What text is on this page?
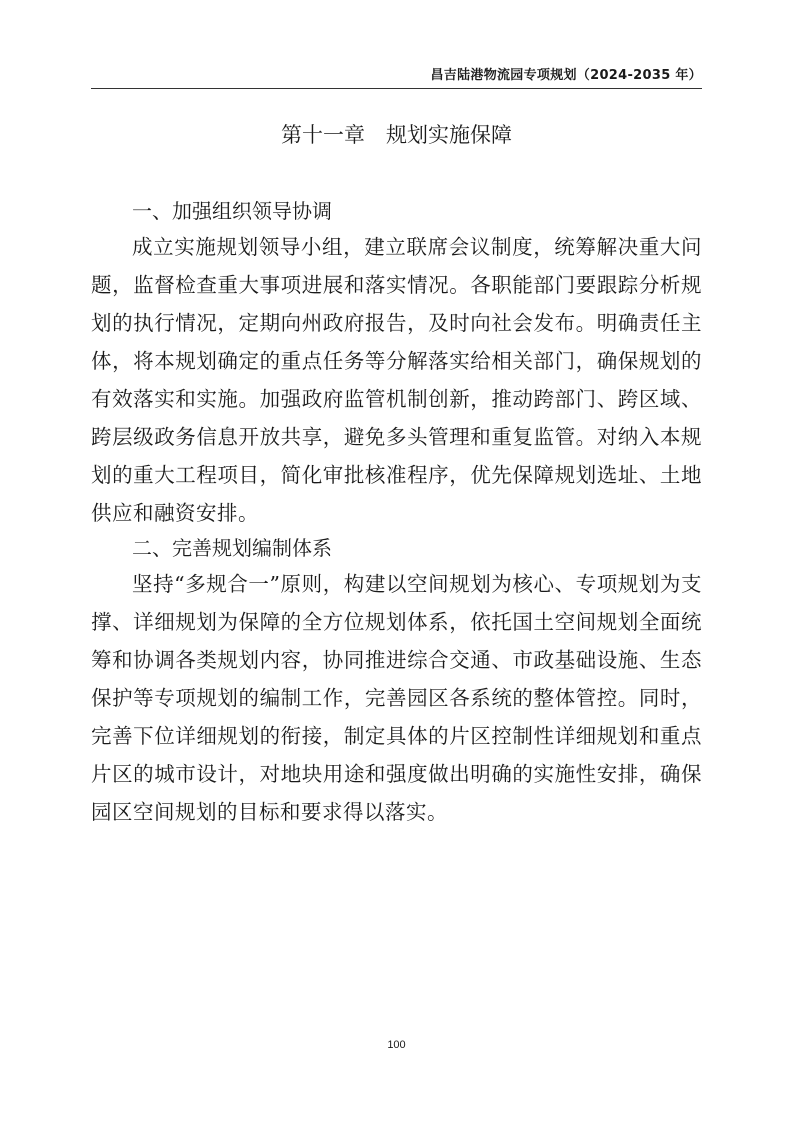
昌吉陆港物流园专项规划（2024-2035 年）
第十一章　规划实施保障
一、加强组织领导协调
成立实施规划领导小组，建立联席会议制度，统筹解决重大问
题，监督检查重大事项进展和落实情况。各职能部门要跟踪分析规
划的执行情况，定期向州政府报告，及时向社会发布。明确责任主
体，将本规划确定的重点任务等分解落实给相关部门，确保规划的
有效落实和实施。加强政府监管机制创新，推动跨部门、跨区域、
跨层级政务信息开放共享，避免多头管理和重复监管。对纳入本规
划的重大工程项目，简化审批核准程序，优先保障规划选址、土地
供应和融资安排。
二、完善规划编制体系
坚持“多规合一”原则，构建以空间规划为核心、专项规划为支
撑、详细规划为保障的全方位规划体系，依托国土空间规划全面统
筹和协调各类规划内容，协同推进综合交通、市政基础设施、生态
保护等专项规划的编制工作，完善园区各系统的整体管控。同时，
完善下位详细规划的衔接，制定具体的片区控制性详细规划和重点
片区的城市设计，对地块用途和强度做出明确的实施性安排，确保
园区空间规划的目标和要求得以落实。
100
